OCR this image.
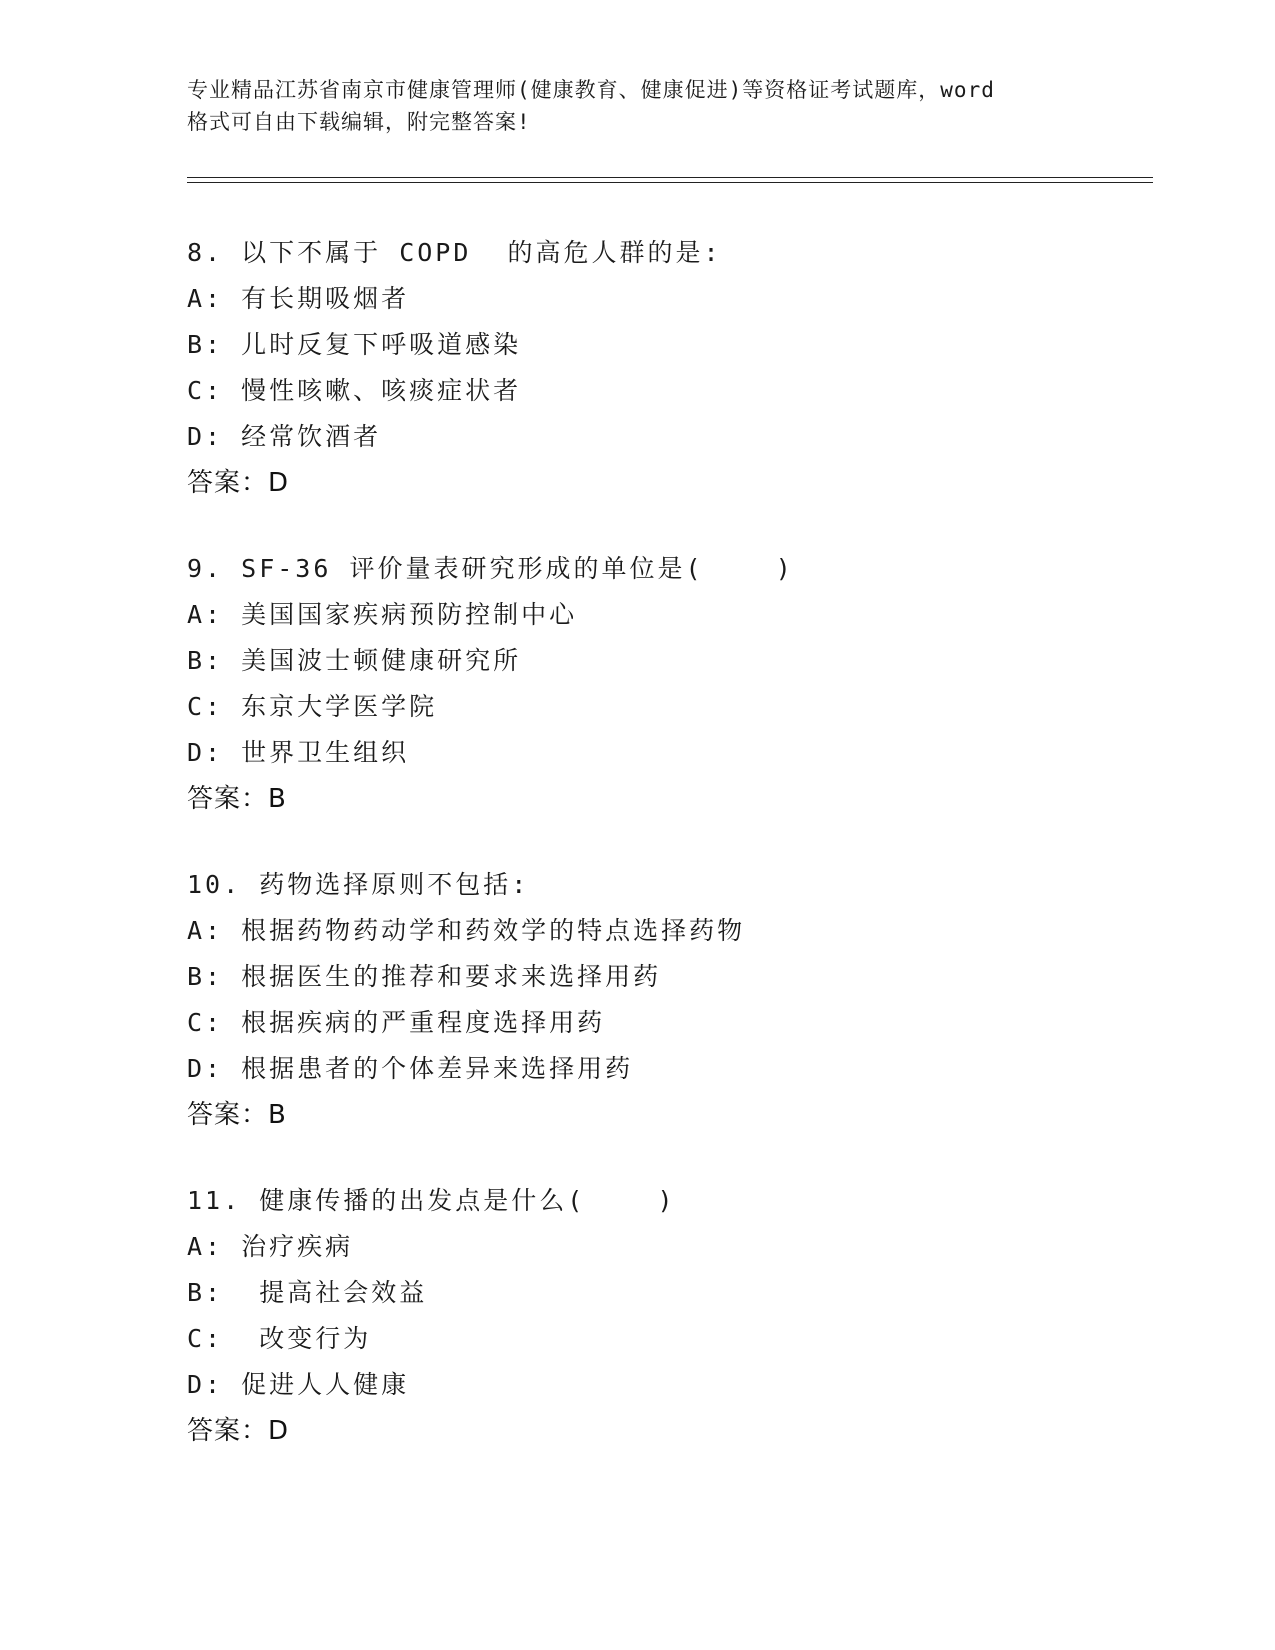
专业精品江苏省南京市健康管理师(健康教育、健康促进)等资格证考试题库，word
格式可自由下载编辑，附完整答案!
8. 以下不属于 COPD  的高危人群的是:
A: 有长期吸烟者
B: 儿时反复下呼吸道感染
C: 慢性咳嗽、咳痰症状者
D: 经常饮酒者
答案：D
9. SF-36 评价量表研究形成的单位是(    )
A: 美国国家疾病预防控制中心
B: 美国波士顿健康研究所
C: 东京大学医学院
D: 世界卫生组织
答案：B
10. 药物选择原则不包括:
A: 根据药物药动学和药效学的特点选择药物
B: 根据医生的推荐和要求来选择用药
C: 根据疾病的严重程度选择用药
D: 根据患者的个体差异来选择用药
答案：B
11. 健康传播的出发点是什么(    )
A: 治疗疾病
B:  提高社会效益
C:  改变行为
D: 促进人人健康
答案：D
